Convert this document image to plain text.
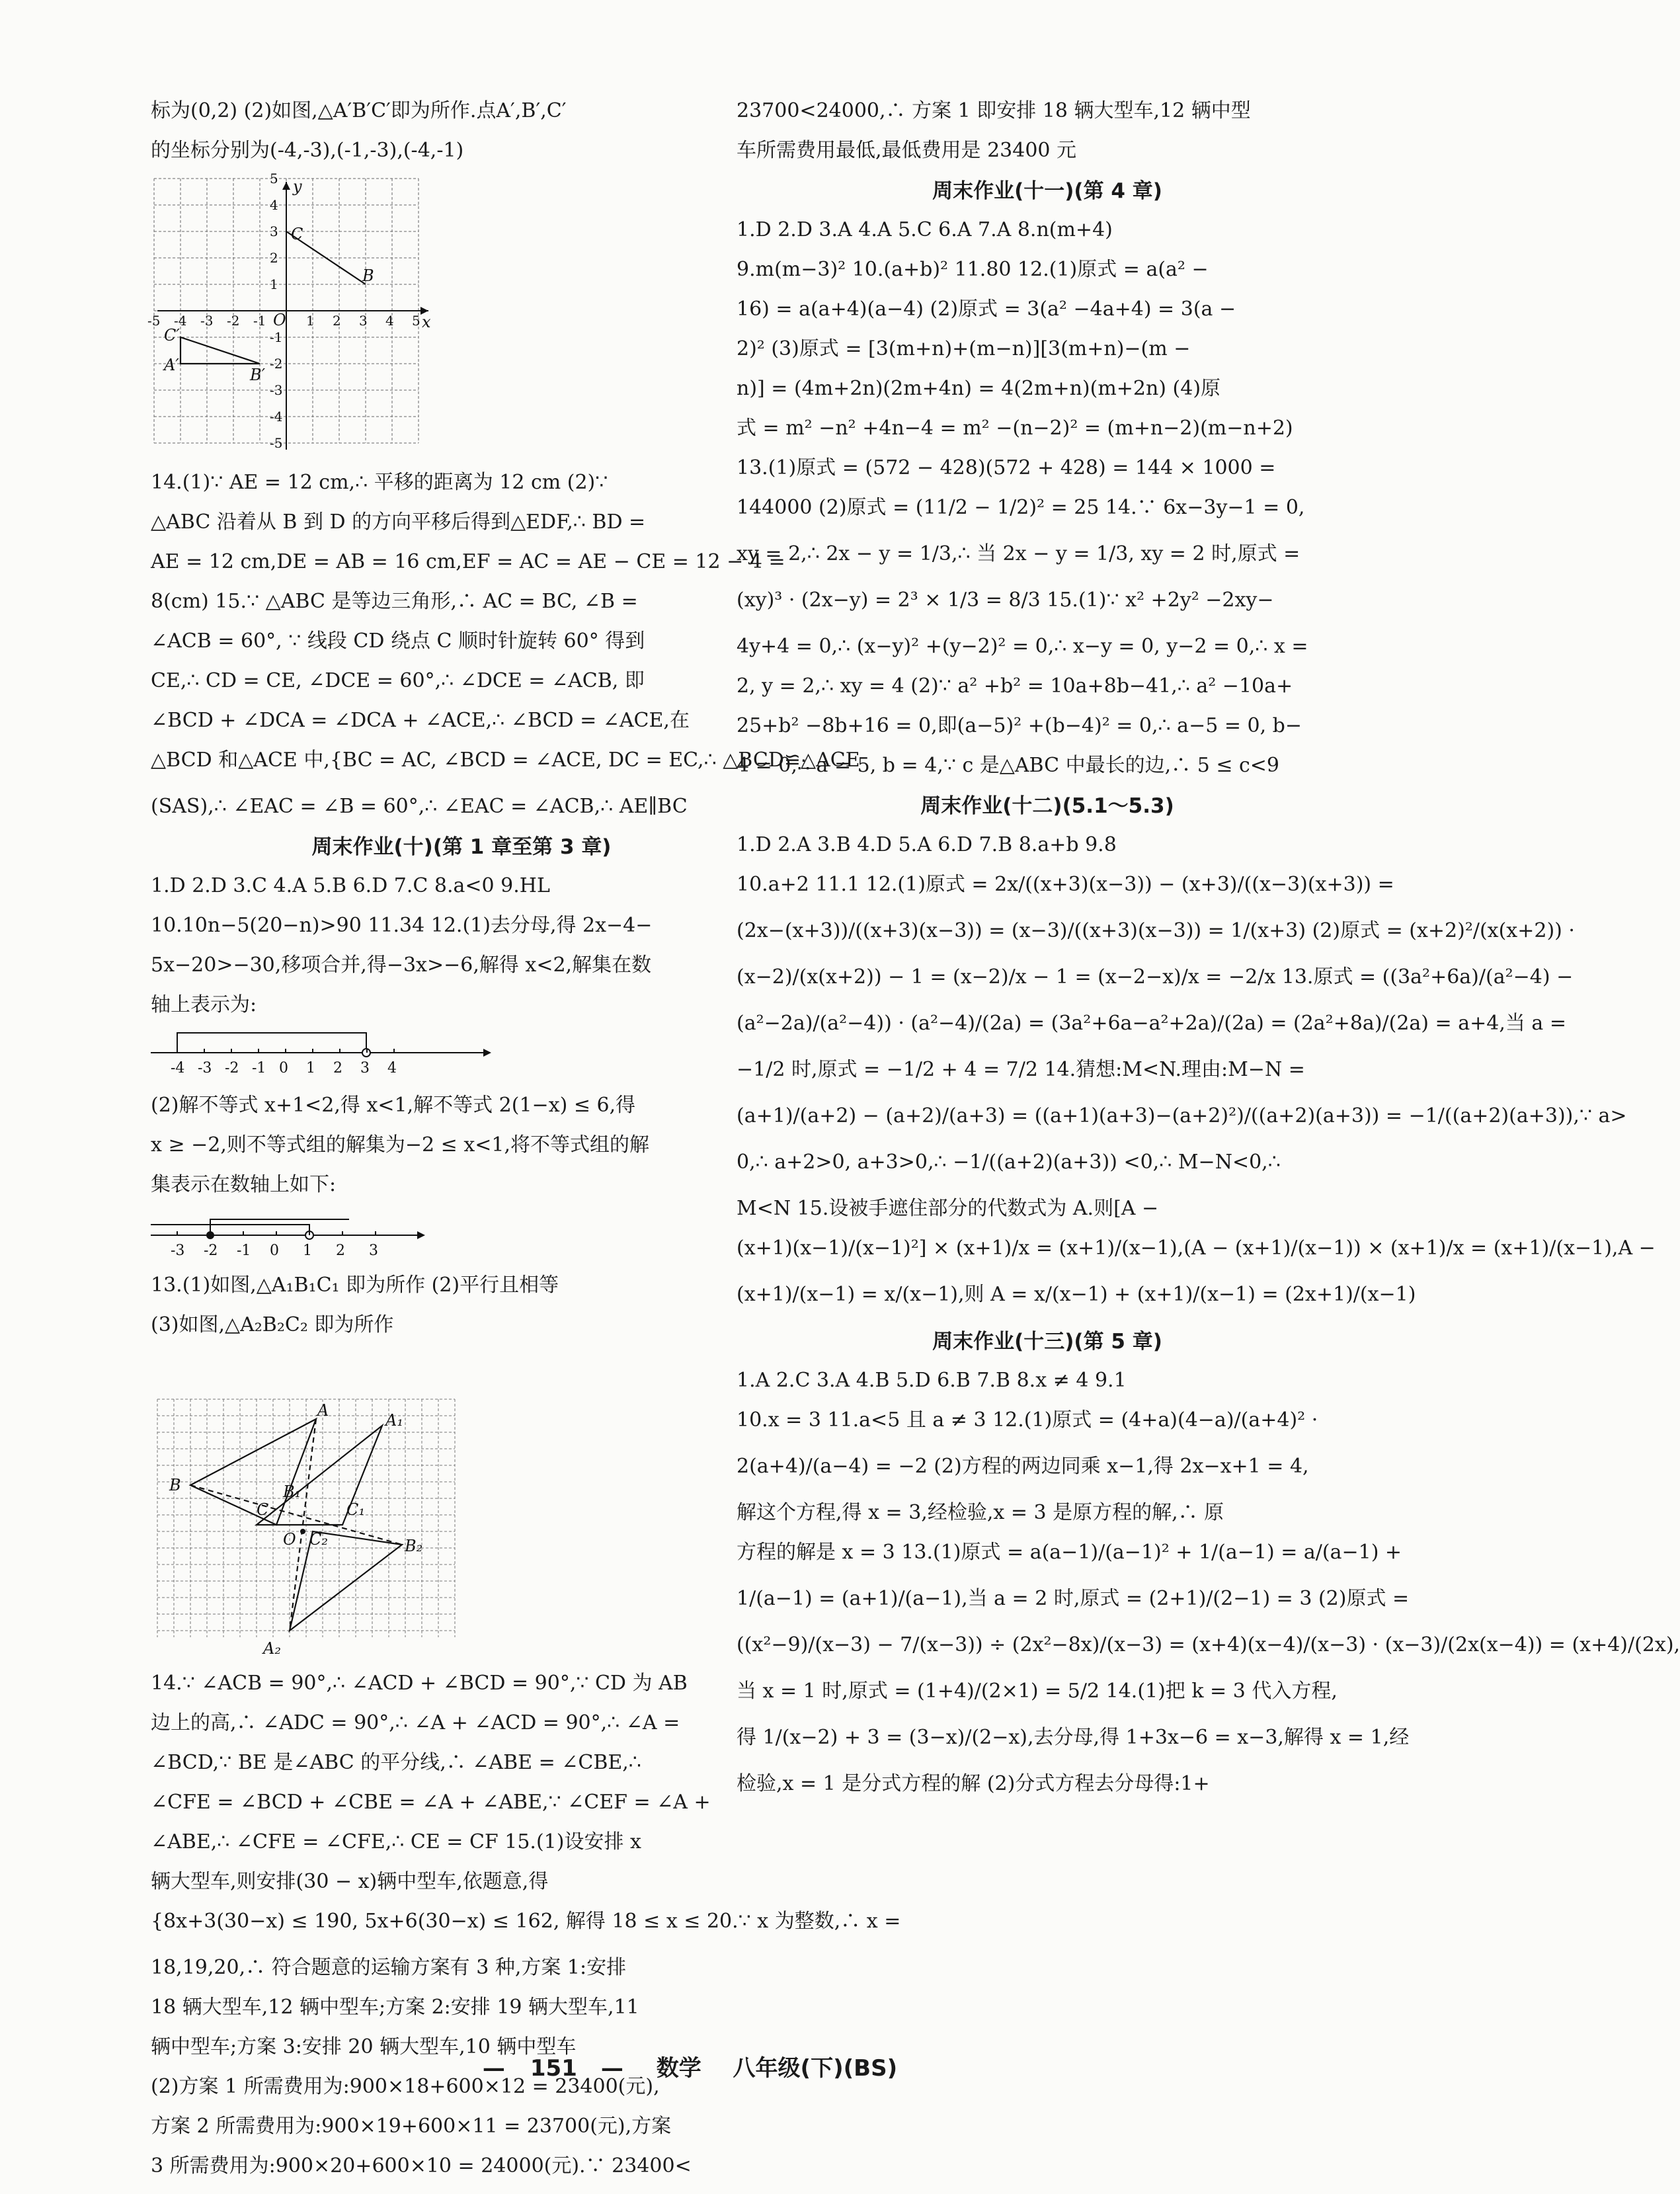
标为(0,2) (2)如图,△A′B′C′即为所作.点A′,B′,C′
的坐标分别为(-4,-3),(-1,-3),(-4,-1)
-5 -4 -3 -2 -1	1 2 3 4 5
5
4
3
2
1
-1
-2
-3
-4
-5
x
y
O
C
B
C′
A′
B′
14.(1)∵ AE = 12 cm,∴ 平移的距离为 12 cm (2)∵
△ABC 沿着从 B 到 D 的方向平移后得到△EDF,∴ BD =
AE = 12 cm,DE = AB = 16 cm,EF = AC = AE − CE = 12 − 4 =
8(cm) 15.∵ △ABC 是等边三角形,∴ AC = BC, ∠B =
∠ACB = 60°, ∵ 线段 CD 绕点 C 顺时针旋转 60° 得到
CE,∴ CD = CE, ∠DCE = 60°,∴ ∠DCE = ∠ACB, 即
∠BCD + ∠DCA = ∠DCA + ∠ACE,∴ ∠BCD = ∠ACE,在
△BCD 和△ACE 中,{BC = AC, ∠BCD = ∠ACE, DC = EC,∴ △BCD≌△ACE
(SAS),∴ ∠EAC = ∠B = 60°,∴ ∠EAC = ∠ACB,∴ AE∥BC
周末作业(十)(第 1 章至第 3 章)
1.D 2.D 3.C 4.A 5.B 6.D 7.C 8.a<0 9.HL
10.10n−5(20−n)>90 11.34 12.(1)去分母,得 2x−4−
5x−20>−30,移项合并,得−3x>−6,解得 x<2,解集在数
轴上表示为:
-4 -3 -2 -1 0 1 2 3 4
(2)解不等式 x+1<2,得 x<1,解不等式 2(1−x) ≤ 6,得
x ≥ −2,则不等式组的解集为−2 ≤ x<1,将不等式组的解
集表示在数轴上如下:
-3 -2 -1 0 1 2 3
13.(1)如图,△A₁B₁C₁ 即为所作 (2)平行且相等
(3)如图,△A₂B₂C₂ 即为所作
A
A₁
B	B₁
B₂
C	C₁
C₂
O
A₂
14.∵ ∠ACB = 90°,∴ ∠ACD + ∠BCD = 90°,∵ CD 为 AB
边上的高,∴ ∠ADC = 90°,∴ ∠A + ∠ACD = 90°,∴ ∠A =
∠BCD,∵ BE 是∠ABC 的平分线,∴ ∠ABE = ∠CBE,∴
∠CFE = ∠BCD + ∠CBE = ∠A + ∠ABE,∵ ∠CEF = ∠A +
∠ABE,∴ ∠CFE = ∠CFE,∴ CE = CF 15.(1)设安排 x
辆大型车,则安排(30 − x)辆中型车,依题意,得
{8x+3(30−x) ≤ 190, 5x+6(30−x) ≤ 162, 解得 18 ≤ x ≤ 20.∵ x 为整数,∴ x =
18,19,20,∴ 符合题意的运输方案有 3 种,方案 1:安排
18 辆大型车,12 辆中型车;方案 2:安排 19 辆大型车,11
辆中型车;方案 3:安排 20 辆大型车,10 辆中型车
(2)方案 1 所需费用为:900×18+600×12 = 23400(元),
方案 2 所需费用为:900×19+600×11 = 23700(元),方案
3 所需费用为:900×20+600×10 = 24000(元).∵ 23400<
23700<24000,∴ 方案 1 即安排 18 辆大型车,12 辆中型
车所需费用最低,最低费用是 23400 元
周末作业(十一)(第 4 章)
1.D 2.D 3.A 4.A 5.C 6.A 7.A 8.n(m+4)
9.m(m−3)² 10.(a+b)² 11.80 12.(1)原式 = a(a² −
16) = a(a+4)(a−4) (2)原式 = 3(a² −4a+4) = 3(a −
2)² (3)原式 = [3(m+n)+(m−n)][3(m+n)−(m −
n)] = (4m+2n)(2m+4n) = 4(2m+n)(m+2n) (4)原
式 = m² −n² +4n−4 = m² −(n−2)² = (m+n−2)(m−n+2)
13.(1)原式 = (572 − 428)(572 + 428) = 144 × 1000 =
144000 (2)原式 = (11/2 − 1/2)² = 25 14.∵ 6x−3y−1 = 0,
xy = 2,∴ 2x − y = 1/3,∴ 当 2x − y = 1/3, xy = 2 时,原式 =
(xy)³ · (2x−y) = 2³ × 1/3 = 8/3 15.(1)∵ x² +2y² −2xy−
4y+4 = 0,∴ (x−y)² +(y−2)² = 0,∴ x−y = 0, y−2 = 0,∴ x =
2, y = 2,∴ xy = 4 (2)∵ a² +b² = 10a+8b−41,∴ a² −10a+
25+b² −8b+16 = 0,即(a−5)² +(b−4)² = 0,∴ a−5 = 0, b−
4 = 0,∴ a = 5, b = 4,∵ c 是△ABC 中最长的边,∴ 5 ≤ c<9
周末作业(十二)(5.1～5.3)
1.D 2.A 3.B 4.D 5.A 6.D 7.B 8.a+b 9.8
10.a+2 11.1 12.(1)原式 = 2x/((x+3)(x−3)) − (x+3)/((x−3)(x+3)) =
(2x−(x+3))/((x+3)(x−3)) = (x−3)/((x+3)(x−3)) = 1/(x+3) (2)原式 = (x+2)²/(x(x+2)) ·
(x−2)/(x(x+2)) − 1 = (x−2)/x − 1 = (x−2−x)/x = −2/x 13.原式 = ((3a²+6a)/(a²−4) −
(a²−2a)/(a²−4)) · (a²−4)/(2a) = (3a²+6a−a²+2a)/(2a) = (2a²+8a)/(2a) = a+4,当 a =
−1/2 时,原式 = −1/2 + 4 = 7/2 14.猜想:M<N.理由:M−N =
(a+1)/(a+2) − (a+2)/(a+3) = ((a+1)(a+3)−(a+2)²)/((a+2)(a+3)) = −1/((a+2)(a+3)),∵ a>
0,∴ a+2>0, a+3>0,∴ −1/((a+2)(a+3)) <0,∴ M−N<0,∴
M<N 15.设被手遮住部分的代数式为 A.则[A −
(x+1)(x−1)/(x−1)²] × (x+1)/x = (x+1)/(x−1),(A − (x+1)/(x−1)) × (x+1)/x = (x+1)/(x−1),A −
(x+1)/(x−1) = x/(x−1),则 A = x/(x−1) + (x+1)/(x−1) = (2x+1)/(x−1)
周末作业(十三)(第 5 章)
1.A 2.C 3.A 4.B 5.D 6.B 7.B 8.x ≠ 4 9.1
10.x = 3 11.a<5 且 a ≠ 3 12.(1)原式 = (4+a)(4−a)/(a+4)² ·
2(a+4)/(a−4) = −2 (2)方程的两边同乘 x−1,得 2x−x+1 = 4,
解这个方程,得 x = 3,经检验,x = 3 是原方程的解,∴ 原
方程的解是 x = 3 13.(1)原式 = a(a−1)/(a−1)² + 1/(a−1) = a/(a−1) +
1/(a−1) = (a+1)/(a−1),当 a = 2 时,原式 = (2+1)/(2−1) = 3 (2)原式 =
((x²−9)/(x−3) − 7/(x−3)) ÷ (2x²−8x)/(x−3) = (x+4)(x−4)/(x−3) · (x−3)/(2x(x−4)) = (x+4)/(2x),
当 x = 1 时,原式 = (1+4)/(2×1) = 5/2 14.(1)把 k = 3 代入方程,
得 1/(x−2) + 3 = (3−x)/(2−x),去分母,得 1+3x−6 = x−3,解得 x = 1,经
检验,x = 1 是分式方程的解 (2)分式方程去分母得:1+
— 151 — 数学 八年级(下)(BS)
